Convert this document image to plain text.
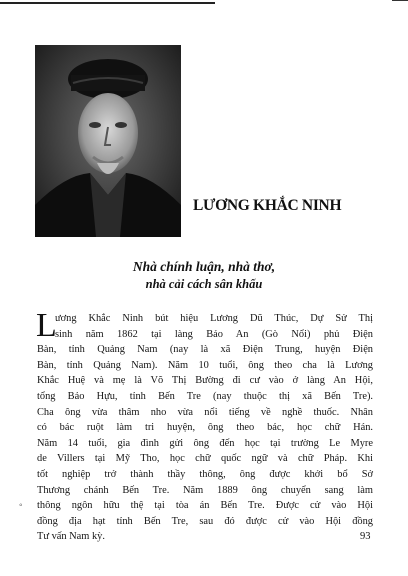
LƯƠNG KHẮC NINH
Nhà chính luận, nhà thơ,
nhà cải cách sân khấu
L
ương Khắc Ninh bút hiệu Lương Dũ Thúc, Dự Sử Thị
sinh năm 1862 tại làng Bảo An (Gò Nổi) phủ Điện
Bàn, tỉnh Quảng Nam (nay là xã Điện Trung, huyện Điện
Bàn, tỉnh Quảng Nam). Năm 10 tuổi, ông theo cha là Lương
Khắc Huệ và mẹ là Võ Thị Bường đi cư vào ở làng An Hội,
tổng Bảo Hựu, tỉnh Bến Tre (nay thuộc thị xã Bến Tre).
Cha ông vừa thâm nho vừa nổi tiếng về nghề thuốc. Nhân
có bác ruột làm tri huyện, ông theo bác, học chữ Hán.
Năm 14 tuổi, gia đình gửi ông đến học tại trường Le Myre
de Villers tại Mỹ Tho, học chữ quốc ngữ và chữ Pháp. Khi
tốt nghiệp trở thành thầy thông, ông được khởi bổ Sở
Thương chánh Bến Tre. Năm 1889 ông chuyển sang làm
thông ngôn hữu thệ tại tòa án Bến Tre. Được cử vào Hội
đồng địa hạt tỉnh Bến Tre, sau đó được cử vào Hội đồng
Tư vấn Nam kỳ.
◦
93
